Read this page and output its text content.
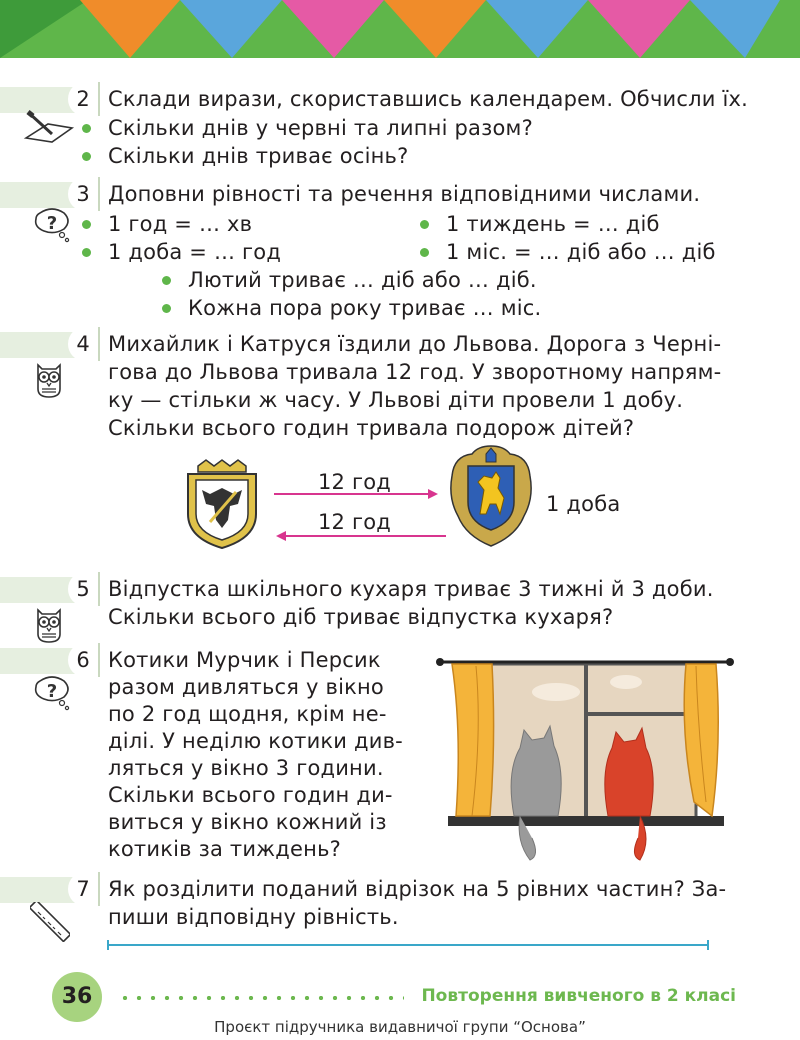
2 Склади вирази, скориставшись календарем. Обчисли їх.
Скільки днів у червні та липні разом?
Скільки днів триває осінь?
3
?
Доповни рівності та речення відповідними числами.
1 год = … хв	1 тиждень = … діб
1 доба = … год	1 міс. = … діб або … діб
Лютий триває … діб або … діб.
Кожна пора року триває … міс.
4 Михайлик і Катруся їздили до Львова. Дорога з Черні-
гова до Львова тривала 12 год. У зворотному напрям-
ку — стільки ж часу. У Львові діти провели 1 добу.
Скільки всього годин тривала подорож дітей?
12 год
12 год
1 доба
5 Відпустка шкільного кухаря триває 3 тижні й 3 доби.
Скільки всього діб триває відпустка кухаря?
6
?
Котики Мурчик і Персик
разом дивляться у вікно
по 2 год щодня, крім не-
ділі. У неділю котики див-
ляться у вікно 3 години.
Скільки всього годин ди-
виться у вікно кожний із
котиків за тиждень?
7 Як розділити поданий відрізок на 5 рівних частин? За-
пиши відповідну рівність.
36	Повторення вивченого в 2 класі
Проєкт підручника видавничої групи “Основа”
